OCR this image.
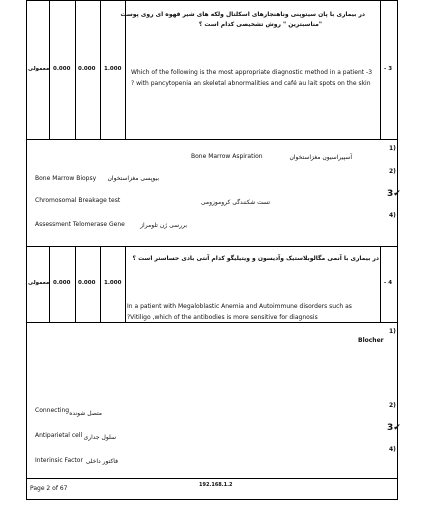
معمولی 0.000 0.000 1.000
در بیماری با پان سیتوپنی وناهنجارهای اسکلتال ولکه های شیر قهوه ای روی پوست
"مناسبترین " روش تشخیصی کدام است ؟
Which of the following is the most appropriate diagnostic method in a patient -3
? with pancytopenia an skeletal abnormalities and café au lait spots on the skin
- 3
1)
Bone Marrow Aspiration	آسپیراسیون مغزاستخوان
2)
Bone Marrow Biopsy بیوپسی مغزاستخوان
3✔
Chromosomal Breakage test	تست شکنندگی کروموزومی
4)
Assessment Telomerase Gene	بررسی ژن تلومراز
معمولی 0.000 0.000 1.000
در بیماری با آنمی مگالوبلاستیک وآدیسون و ویتیلیگو کدام آنتی بادی حساستر است ؟
In a patient with Megaloblastic Anemia and Autoimmune disorders such as
?Vitiligo ,which of the antibodies is more sensitive for diagnosis
- 4
1)
Blocher
2)
Connecting متصل شونده
3✔
Antiparietal cell سلول جداری
4)
Interinsic Factor فاکتور داخلی
Page 2 of 67	192.168.1.2
